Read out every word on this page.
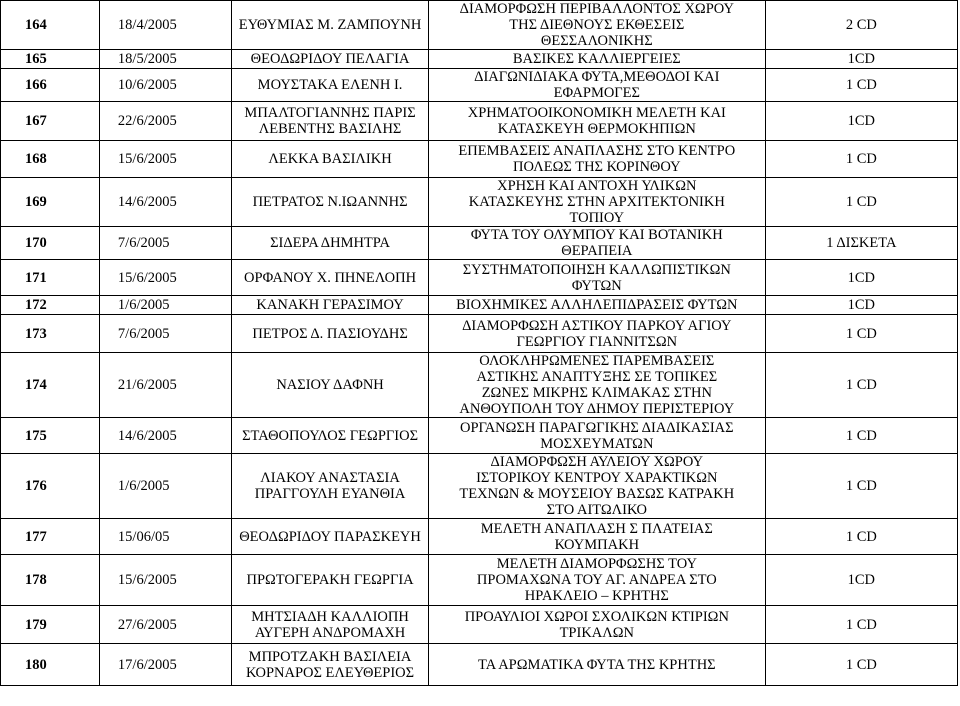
164	18/4/2005	ΕΥΘΥΜΙΑΣ Μ. ΖΑΜΠΟΥΝΗ	ΔΙΑΜΟΡΦΩΣΗ ΠΕΡΙΒΑΛΛΟΝΤΟΣ ΧΩΡΟΥ
ΤΗΣ ΔΙΕΘΝΟΥΣ ΕΚΘΕΣΕΙΣ
ΘΕΣΣΑΛΟΝΙΚΗΣ	2 CD
165	18/5/2005	ΘΕΟΔΩΡΙΔΟΥ ΠΕΛΑΓΙΑ	ΒΑΣΙΚΕΣ ΚΑΛΛΙΕΡΓΕΙΕΣ	1CD
166	10/6/2005	ΜΟΥΣΤΑΚΑ ΕΛΕΝΗ Ι.	ΔΙΑΓΩΝΙΔΙΑΚΑ ΦΥΤΑ,ΜΕΘΟΔΟΙ ΚΑΙ
ΕΦΑΡΜΟΓΕΣ	1 CD
167	22/6/2005	ΜΠΑΛΤΟΓΙΑΝΝΗΣ ΠΑΡΙΣ
ΛΕΒΕΝΤΗΣ ΒΑΣΙΛΗΣ	ΧΡΗΜΑΤΟΟΙΚΟΝΟΜΙΚΗ ΜΕΛΕΤΗ ΚΑΙ
ΚΑΤΑΣΚΕΥΗ ΘΕΡΜΟΚΗΠΙΩΝ	1CD
168	15/6/2005	ΛΕΚΚΑ ΒΑΣΙΛΙΚΗ	ΕΠΕΜΒΑΣΕΙΣ ΑΝΑΠΛΑΣΗΣ ΣΤΟ ΚΕΝΤΡΟ
ΠΟΛΕΩΣ ΤΗΣ ΚΟΡΙΝΘΟΥ	1 CD
169	14/6/2005	ΠΕΤΡΑΤΟΣ Ν.ΙΩΑΝΝΗΣ	ΧΡΗΣΗ ΚΑΙ ΑΝΤΟΧΗ ΥΛΙΚΩΝ
ΚΑΤΑΣΚΕΥΗΣ ΣΤΗΝ ΑΡΧΙΤΕΚΤΟΝΙΚΗ
ΤΟΠΙΟΥ	1 CD
170	7/6/2005	ΣΙΔΕΡΑ ΔΗΜΗΤΡΑ	ΦΥΤΑ ΤΟΥ ΟΛΥΜΠΟΥ ΚΑΙ ΒΟΤΑΝΙΚΗ
ΘΕΡΑΠΕΙΑ	1 ΔΙΣΚΕΤΑ
171	15/6/2005	ΟΡΦΑΝΟΥ Χ. ΠΗΝΕΛΟΠΗ	ΣΥΣΤΗΜΑΤΟΠΟΙΗΣΗ ΚΑΛΛΩΠΙΣΤΙΚΩΝ
ΦΥΤΩΝ	1CD
172	1/6/2005	ΚΑΝΑΚΗ ΓΕΡΑΣΙΜΟΥ	ΒΙΟΧΗΜΙΚΕΣ ΑΛΛΗΛΕΠΙΔΡΑΣΕΙΣ ΦΥΤΩΝ	1CD
173	7/6/2005	ΠΕΤΡΟΣ Δ. ΠΑΣΙΟΥΔΗΣ	ΔΙΑΜΟΡΦΩΣΗ ΑΣΤΙΚΟΥ ΠΑΡΚΟΥ ΑΓΙΟΥ
ΓΕΩΡΓΙΟΥ ΓΙΑΝΝΙΤΣΩΝ	1 CD
174	21/6/2005	ΝΑΣΙΟΥ ΔΑΦΝΗ	ΟΛΟΚΛΗΡΩΜΕΝΕΣ ΠΑΡΕΜΒΑΣΕΙΣ
ΑΣΤΙΚΗΣ ΑΝΑΠΤΥΞΗΣ ΣΕ ΤΟΠΙΚΕΣ
ΖΩΝΕΣ ΜΙΚΡΗΣ ΚΛΙΜΑΚΑΣ ΣΤΗΝ
ΑΝΘΟΥΠΟΛΗ ΤΟΥ ΔΗΜΟΥ ΠΕΡΙΣΤΕΡΙΟΥ	1 CD
175	14/6/2005	ΣΤΑΘΟΠΟΥΛΟΣ ΓΕΩΡΓΙΟΣ	ΟΡΓΑΝΩΣΗ ΠΑΡΑΓΩΓΙΚΗΣ ΔΙΑΔΙΚΑΣΙΑΣ
ΜΟΣΧΕΥΜΑΤΩΝ	1 CD
176	1/6/2005	ΛΙΑΚΟΥ ΑΝΑΣΤΑΣΙΑ
ΠΡΑΓΓΟΥΛΗ ΕΥΑΝΘΙΑ	ΔΙΑΜΟΡΦΩΣΗ ΑΥΛΕΙΟΥ ΧΩΡΟΥ
ΙΣΤΟΡΙΚΟΥ ΚΕΝΤΡΟΥ ΧΑΡΑΚΤΙΚΩΝ
ΤΕΧΝΩΝ & ΜΟΥΣΕΙΟΥ ΒΑΣΩΣ ΚΑΤΡΑΚΗ
ΣΤΟ ΑΙΤΩΛΙΚΟ	1 CD
177	15/06/05	ΘΕΟΔΩΡΙΔΟΥ ΠΑΡΑΣΚΕΥΗ	ΜΕΛΕΤΗ ΑΝΑΠΛΑΣΗ Σ ΠΛΑΤΕΙΑΣ
ΚΟΥΜΠΑΚΗ	1 CD
178	15/6/2005	ΠΡΩΤΟΓΕΡΑΚΗ ΓΕΩΡΓΙΑ	ΜΕΛΕΤΗ ΔΙΑΜΟΡΦΩΣΗΣ ΤΟΥ
ΠΡΟΜΑΧΩΝΑ ΤΟΥ ΑΓ. ΑΝΔΡΕΑ ΣΤΟ
ΗΡΑΚΛΕΙΟ – ΚΡΗΤΗΣ	1CD
179	27/6/2005	ΜΗΤΣΙΑΔΗ ΚΑΛΛΙΟΠΗ
ΑΥΓΕΡΗ ΑΝΔΡΟΜΑΧΗ	ΠΡΟΑΥΛΙΟΙ ΧΩΡΟΙ ΣΧΟΛΙΚΩΝ ΚΤΙΡΙΩΝ
ΤΡΙΚΑΛΩΝ	1 CD
180	17/6/2005	ΜΠΡΟΤΖΑΚΗ ΒΑΣΙΛΕΙΑ
ΚΟΡΝΑΡΟΣ ΕΛΕΥΘΕΡΙΟΣ	ΤΑ ΑΡΩΜΑΤΙΚΑ ΦΥΤΑ ΤΗΣ ΚΡΗΤΗΣ	1 CD
